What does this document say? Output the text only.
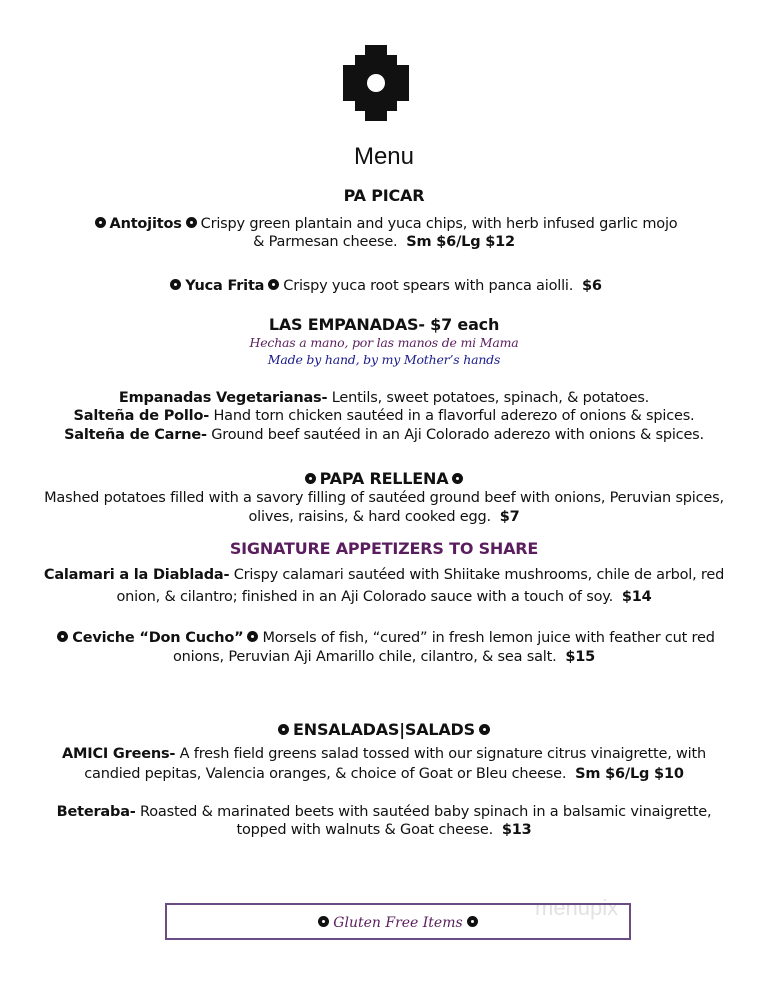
Menu
PA PICAR
Antojitos Crispy green plantain and yuca chips, with herb infused garlic mojo
& Parmesan cheese. Sm $6/Lg $12
Yuca Frita Crispy yuca root spears with panca aiolli. $6
LAS EMPANADAS- $7 each
Hechas a mano, por las manos de mi Mama
Made by hand, by my Mother’s hands
Empanadas Vegetarianas- Lentils, sweet potatoes, spinach, & potatoes.
Salteña de Pollo- Hand torn chicken sautéed in a flavorful aderezo of onions & spices.
Salteña de Carne- Ground beef sautéed in an Aji Colorado aderezo with onions & spices.
PAPA RELLENA
Mashed potatoes filled with a savory filling of sautéed ground beef with onions, Peruvian spices,
olives, raisins, & hard cooked egg. $7
SIGNATURE APPETIZERS TO SHARE
Calamari a la Diablada- Crispy calamari sautéed with Shiitake mushrooms, chile de arbol, red
onion, & cilantro; finished in an Aji Colorado sauce with a touch of soy. $14
Ceviche “Don Cucho” Morsels of fish, “cured” in fresh lemon juice with feather cut red
onions, Peruvian Aji Amarillo chile, cilantro, & sea salt. $15
ENSALADAS|SALADS
AMICI Greens- A fresh field greens salad tossed with our signature citrus vinaigrette, with
candied pepitas, Valencia oranges, & choice of Goat or Bleu cheese. Sm $6/Lg $10
Beteraba- Roasted & marinated beets with sautéed baby spinach in a balsamic vinaigrette,
topped with walnuts & Goat cheese. $13
menupix
Gluten Free Items
